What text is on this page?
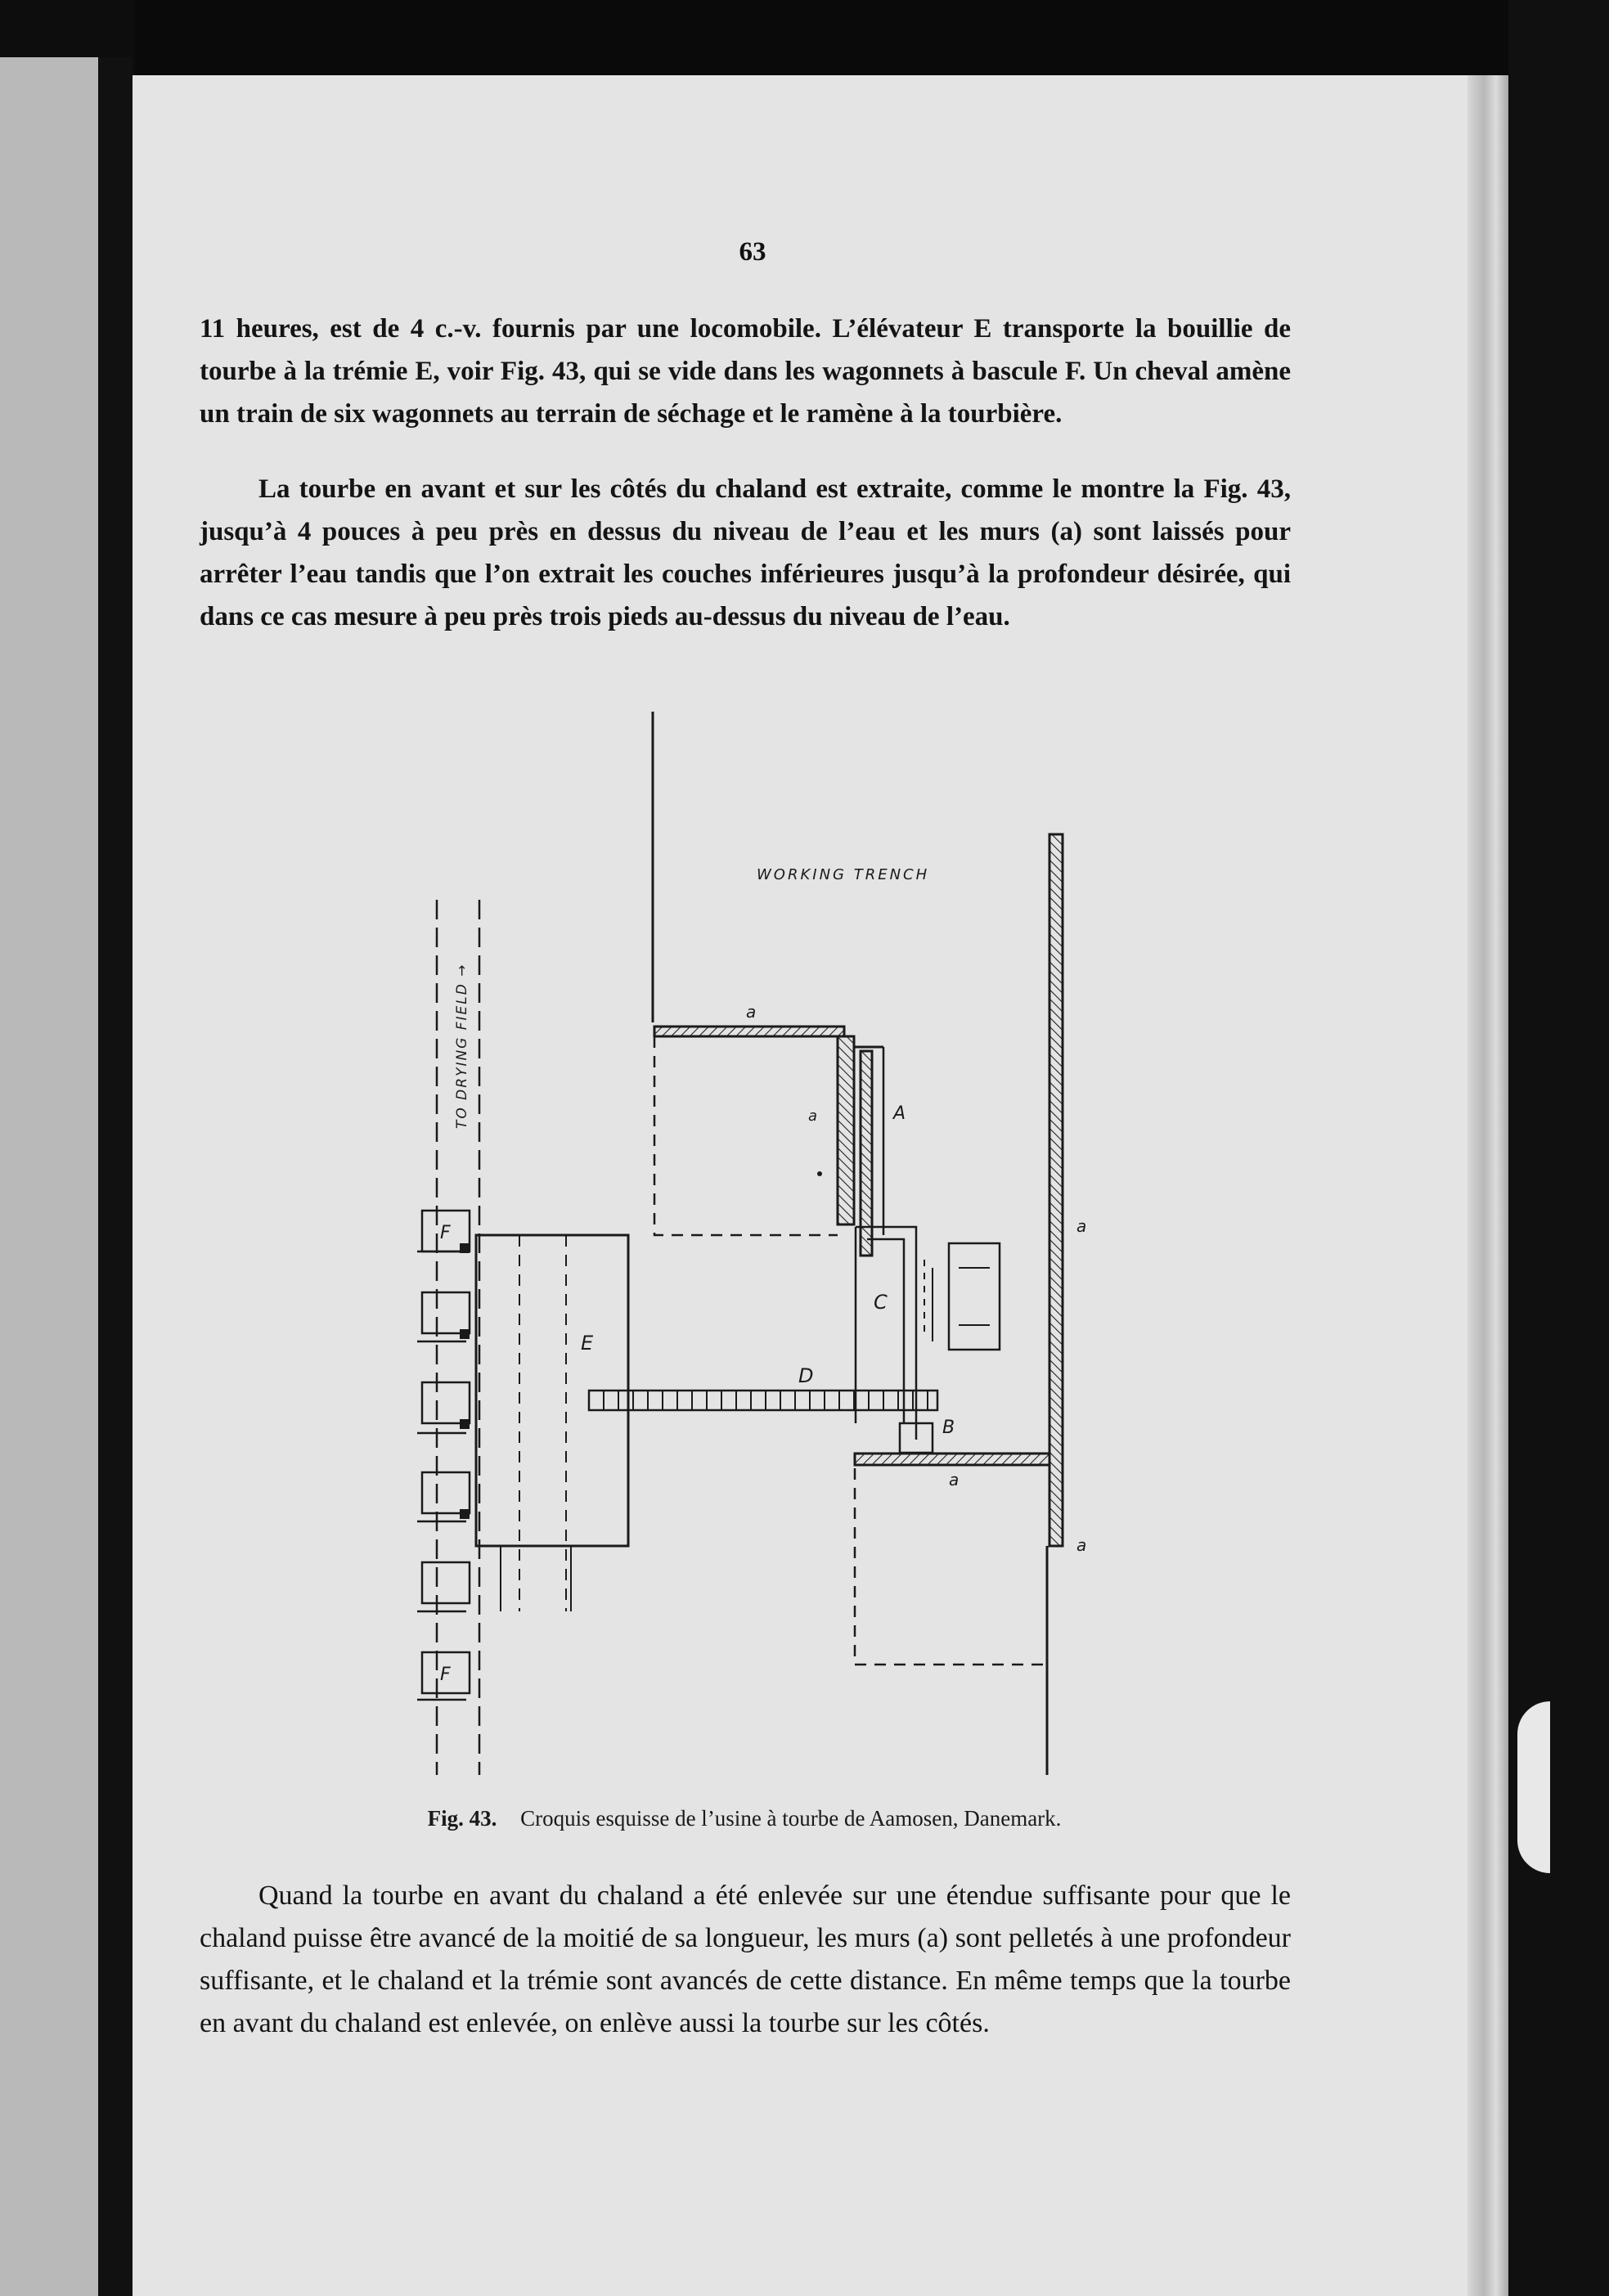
63

11 heures, est de 4 c.-v. fournis par une locomobile. L’élévateur E transporte la bouillie de tourbe à la trémie E, voir Fig. 43, qui se vide dans les wagonnets à bascule F. Un cheval amène un train de six wagonnets au terrain de séchage et le ramène à la tourbière.

La tourbe en avant et sur les côtés du chaland est extraite, comme le montre la Fig. 43, jusqu’à 4 pouces à peu près en dessus du niveau de l’eau et les murs (a) sont laissés pour arrêter l’eau tandis que l’on extrait les couches inférieures jusqu’à la profondeur désirée, qui dans ce cas mesure à peu près trois pieds au-dessus du niveau de l’eau.

WORKING TRENCH
TO DRYING FIELD →	a
a	A
a
C
E
D
B
a
a
F
F
Fig. 43. Croquis esquisse de l’usine à tourbe de Aamosen, Danemark.

Quand la tourbe en avant du chaland a été enlevée sur une étendue suffisante pour que le chaland puisse être avancé de la moitié de sa longueur, les murs (a) sont pelletés à une profondeur suffisante, et le chaland et la trémie sont avancés de cette distance. En même temps que la tourbe en avant du chaland est enlevée, on enlève aussi la tourbe sur les côtés.
